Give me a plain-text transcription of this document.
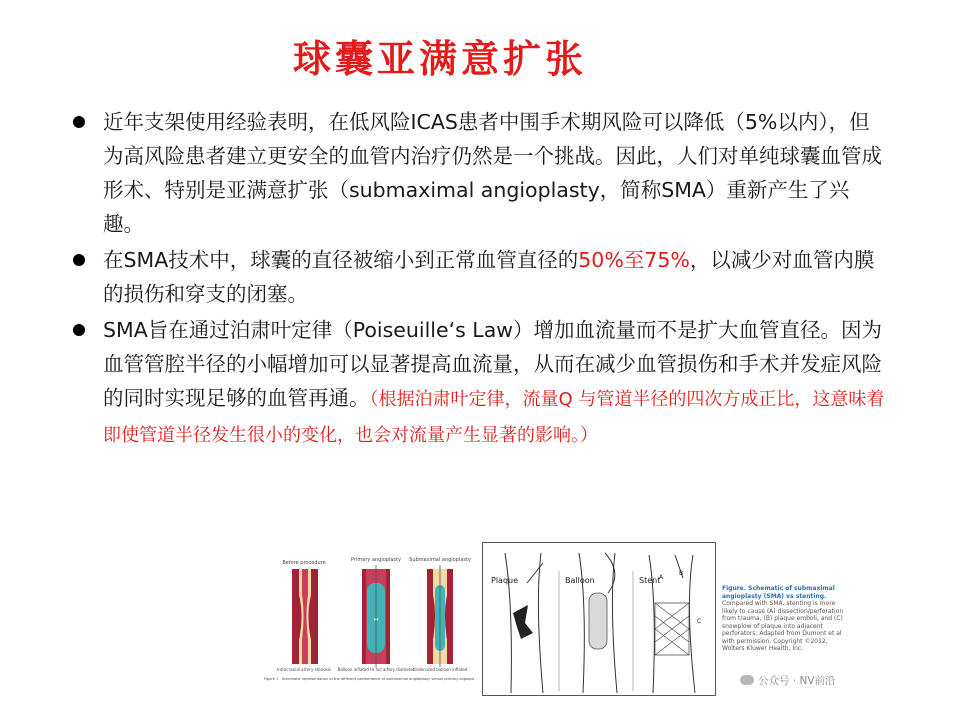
球囊亚满意扩张
近年支架使用经验表明，在低风险ICAS患者中围手术期风险可以降低（5%以内），但为高风险患者建立更安全的血管内治疗仍然是一个挑战。因此，人们对单纯球囊血管成形术、特别是亚满意扩张（submaximal angioplasty，简称SMA）重新产生了兴趣。
在SMA技术中，球囊的直径被缩小到正常血管直径的50%至75%，以减少对血管内膜的损伤和穿支的闭塞。
SMA旨在通过泊肃叶定律（Poiseuille‘s Law）增加血流量而不是扩大血管直径。因为血管管腔半径的小幅增加可以显著提高血流量，从而在减少血管损伤和手术并发症风险的同时实现足够的血管再通。（根据泊肃叶定律，流量Q 与管道半径的四次方成正比，这意味着即使管道半径发生很小的变化，也会对流量产生显著的影响。）
Before procedure	Primary angioplasty Submaximal angioplasty
↔
Intracranial artery stenosis Balloon inflated to full artery diameter
Undersized balloon inflated
Figure 1 · Schematic representation of the different performance of submaximal angioplasty versus primary angioplasty.
Plaque	Balloon	Stent
A
B
C
Figure. Schematic of submaximal angioplasty (SMA) vs stenting.
Compared with SMA, stenting is more likely to cause (A) dissection/perforation from trauma, (B) plaque emboli, and (C) snowplow of plaque into adjacent perforators. Adapted from Dumont et al with permission. Copyright ©2012, Wolters Kluwer Health, Inc.
公众号 · NV前沿
